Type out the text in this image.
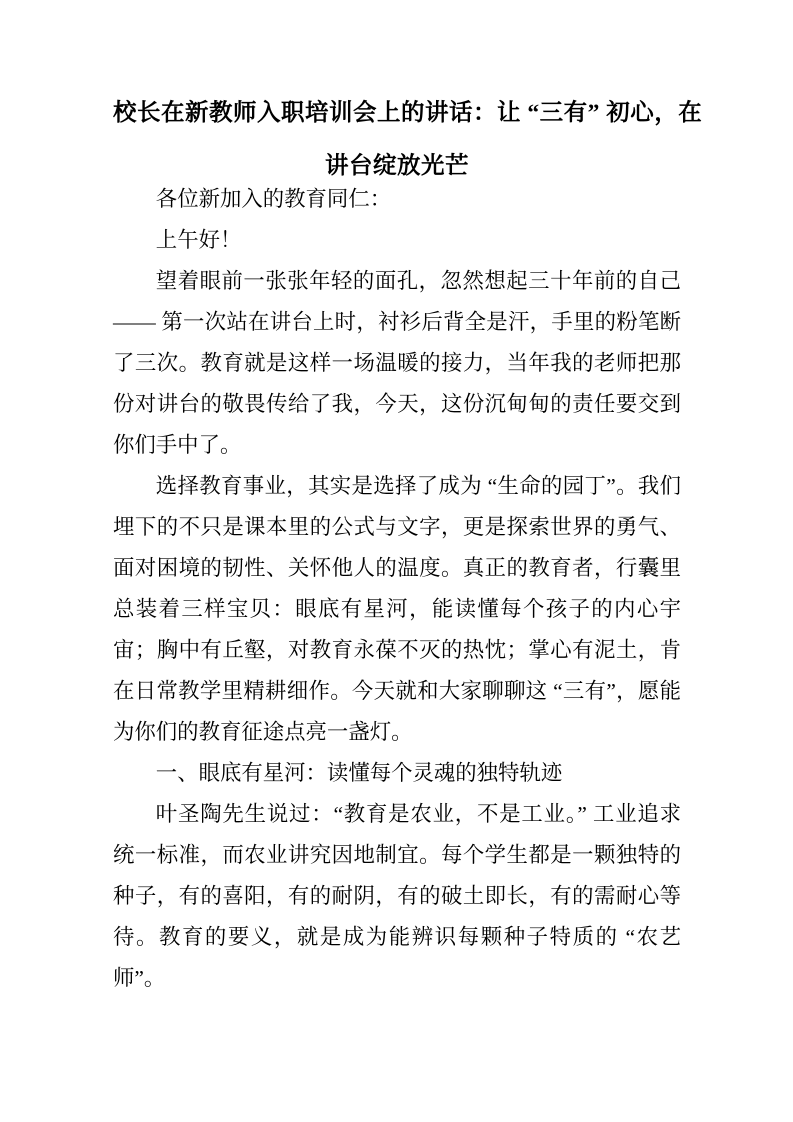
校长在新教师入职培训会上的讲话：让 “三有” 初心，在
讲台绽放光芒

各位新加入的教育同仁：

上午好！

望着眼前一张张年轻的面孔，忽然想起三十年前的自己—— 第一次站在讲台上时，衬衫后背全是汗，手里的粉笔断了三次。教育就是这样一场温暖的接力，当年我的老师把那份对讲台的敬畏传给了我，今天，这份沉甸甸的责任要交到你们手中了。

选择教育事业，其实是选择了成为 “生命的园丁”。我们埋下的不只是课本里的公式与文字，更是探索世界的勇气、面对困境的韧性、关怀他人的温度。真正的教育者，行囊里总装着三样宝贝：眼底有星河，能读懂每个孩子的内心宇宙；胸中有丘壑，对教育永葆不灭的热忱；掌心有泥土，肯在日常教学里精耕细作。今天就和大家聊聊这 “三有”，愿能为你们的教育征途点亮一盏灯。

一、眼底有星河：读懂每个灵魂的独特轨迹

叶圣陶先生说过：“教育是农业，不是工业。” 工业追求统一标准，而农业讲究因地制宜。每个学生都是一颗独特的种子，有的喜阳，有的耐阴，有的破土即长，有的需耐心等待。教育的要义，就是成为能辨识每颗种子特质的 “农艺师”。
